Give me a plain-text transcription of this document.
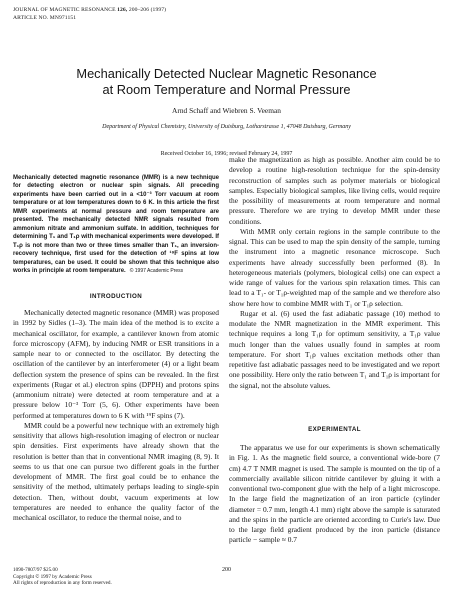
JOURNAL OF MAGNETIC RESONANCE 126, 200–206 (1997)
ARTICLE NO. MN971151
Mechanically Detected Nuclear Magnetic Resonance
at Room Temperature and Normal Pressure
Arnd Schaff and Wiebren S. Veeman
Department of Physical Chemistry, University of Duisburg, Lotharstrasse 1, 47048 Duisburg, Germany
Received October 16, 1996; revised February 24, 1997
Mechanically detected magnetic resonance (MMR) is a new technique for detecting electron or nuclear spin signals. All preceding experiments have been carried out in a <10⁻³ Torr vacuum at room temperature or at low temperatures down to 6 K. In this article the first MMR experiments at normal pressure and room temperature are presented. The mechanically detected NMR signals resulted from ammonium nitrate and ammonium sulfate. In addition, techniques for determining T₁ and T₁ρ with mechanical experiments were developed. If T₁ρ is not more than two or three times smaller than T₁, an inversion-recovery technique, first used for the detection of ¹⁹F spins at low temperatures, can be used. It could be shown that this technique also works in principle at room temperature. © 1997 Academic Press
INTRODUCTION

Mechanically detected magnetic resonance (MMR) was proposed in 1992 by Sidles (1–3). The main idea of the method is to excite a mechanical oscillator, for example, a cantilever known from atomic force microscopy (AFM), by inducing NMR or ESR transitions in a sample near to or connected to the oscillator. By detecting the oscillation of the cantilever by an interferometer (4) or a light beam deflection system the presence of spins can be revealed. In the first experiments (Rugar et al.) electron spins (DPPH) and protons spins (ammonium nitrate) were detected at room temperature and at a pressure below 10⁻³ Torr (5, 6). Other experiments have been performed at temperatures down to 6 K with ¹⁹F spins (7).

MMR could be a powerful new technique with an extremely high sensitivity that allows high-resolution imaging of electron or nuclear spin densities. First experiments have already shown that the resolution is better than that in conventional NMR imaging (8, 9). It seems to us that one can pursue two different goals in the further development of MMR. The first goal could be to enhance the sensitivity of the method, ultimately perhaps leading to single-spin detection. Then, without doubt, vacuum experiments at low temperatures are needed to enhance the quality factor of the mechanical oscillator, to reduce the thermal noise, and to

make the magnetization as high as possible. Another aim could be to develop a routine high-resolution technique for the spin-density reconstruction of samples such as polymer materials or biological samples. Especially biological samples, like living cells, would require the possibility of measurements at room temperature and normal pressure. Therefore we are trying to develop MMR under these conditions.

With MMR only certain regions in the sample contribute to the signal. This can be used to map the spin density of the sample, turning the instrument into a magnetic resonance microscope. Such experiments have already successfully been performed (8). In heterogeneous materials (polymers, biological cells) one can expect a wide range of values for the various spin relaxation times. This can lead to a T₁- or T₁ρ-weighted map of the sample and we therefore also show here how to combine MMR with T₁ or T₁ρ selection.

Rugar et al. (6) used the fast adiabatic passage (10) method to modulate the NMR magnetization in the MMR experiment. This technique requires a long T₁ρ for optimum sensitivity, a T₁ρ value much longer than the values usually found in samples at room temperature. For short T₁ρ values excitation methods other than repetitive fast adiabatic passages need to be investigated and we report one possibility. Here only the ratio between T₁ and T₁ρ is important for the signal, not the absolute values.

EXPERIMENTAL

The apparatus we use for our experiments is shown schematically in Fig. 1. As the magnetic field source, a conventional wide-bore (7 cm) 4.7 T NMR magnet is used. The sample is mounted on the tip of a commercially available silicon nitride cantilever by gluing it with a conventional two-component glue with the help of a light microscope. In the large field the magnetization of an iron particle (cylinder diameter = 0.7 mm, length 4.1 mm) right above the sample is saturated and the spins in the particle are oriented according to Curie's law. Due to the large field gradient produced by the iron particle (distance particle − sample ≈ 0.7

1090-7807/97 $25.00
Copyright © 1997 by Academic Press
All rights of reproduction in any form reserved.
200
